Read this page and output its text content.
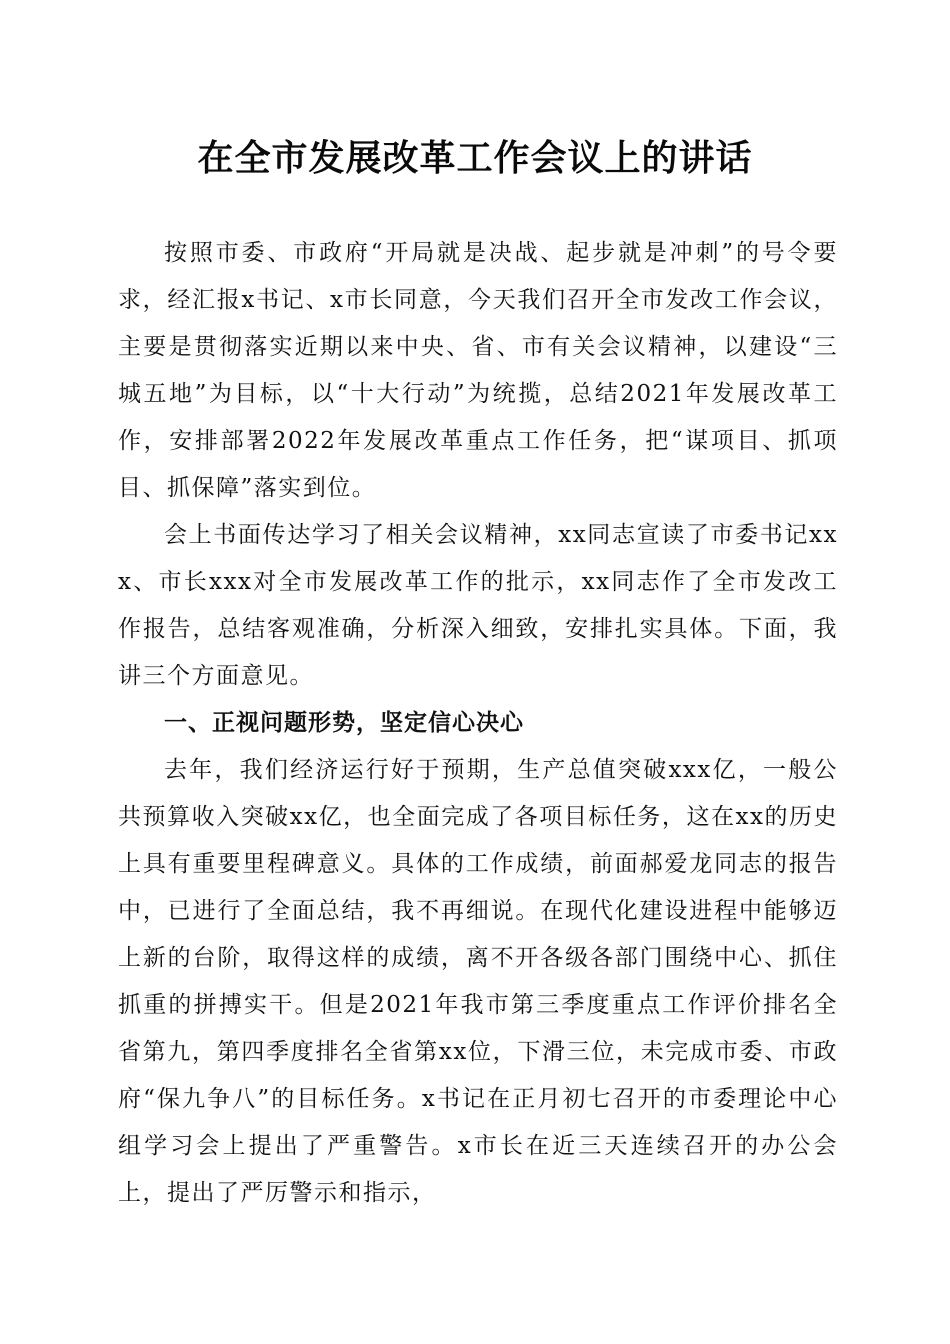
在全市发展改革工作会议上的讲话

按照市委、市政府“开局就是决战、起步就是冲刺”的号令要求，经汇报x书记、x市长同意，今天我们召开全市发改工作会议，主要是贯彻落实近期以来中央、省、市有关会议精神，以建设“三城五地”为目标，以“十大行动”为统揽，总结2021年发展改革工作，安排部署2022年发展改革重点工作任务，把“谋项目、抓项目、抓保障”落实到位。

会上书面传达学习了相关会议精神，xx同志宣读了市委书记xxx、市长xxx对全市发展改革工作的批示，xx同志作了全市发改工作报告，总结客观准确，分析深入细致，安排扎实具体。下面，我讲三个方面意见。

一、正视问题形势，坚定信心决心

去年，我们经济运行好于预期，生产总值突破xxx亿，一般公共预算收入突破xx亿，也全面完成了各项目标任务，这在xx的历史上具有重要里程碑意义。具体的工作成绩，前面郝爱龙同志的报告中，已进行了全面总结，我不再细说。在现代化建设进程中能够迈上新的台阶，取得这样的成绩，离不开各级各部门围绕中心、抓住抓重的拼搏实干。但是2021年我市第三季度重点工作评价排名全省第九，第四季度排名全省第xx位，下滑三位，未完成市委、市政府“保九争八”的目标任务。x书记在正月初七召开的市委理论中心组学习会上提出了严重警告。x市长在近三天连续召开的办公会上，提出了严厉警示和指示，
